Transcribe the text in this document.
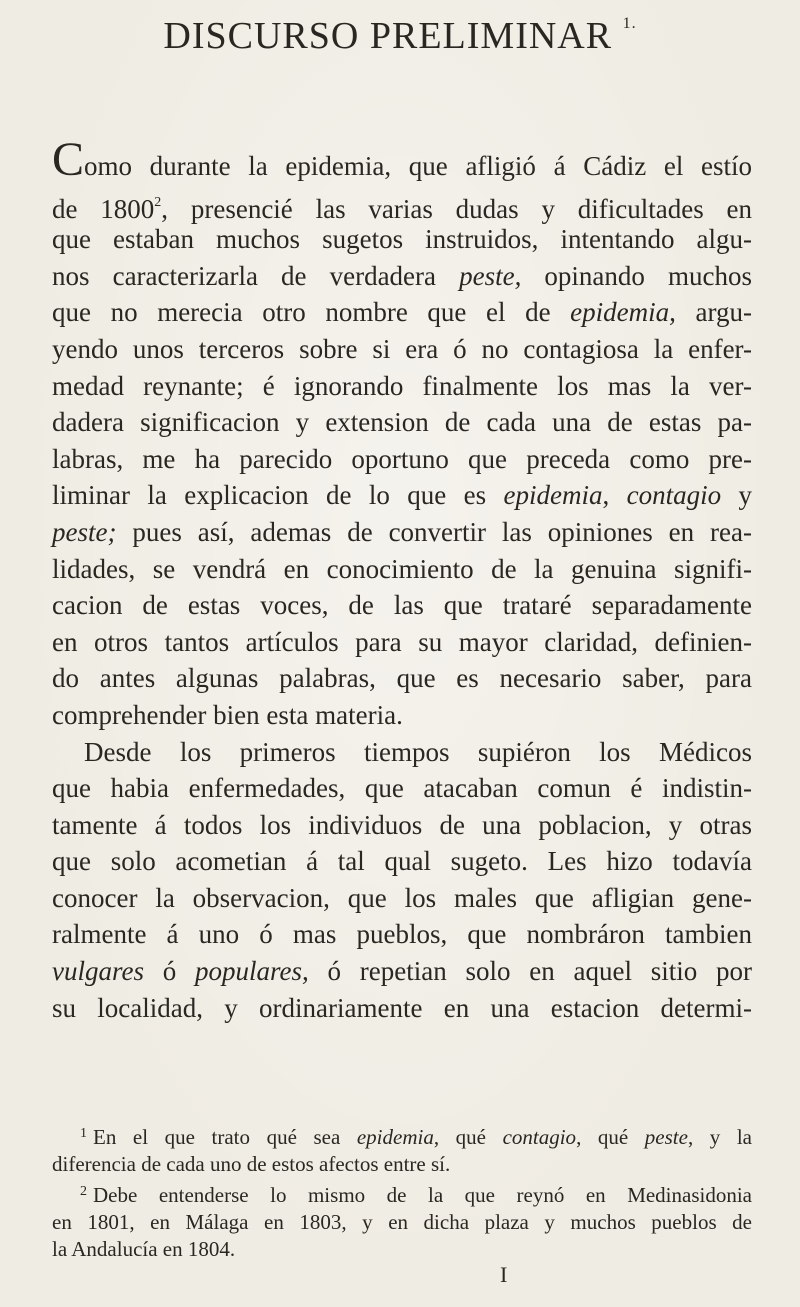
DISCURSO PRELIMINAR $^{1.}$
Como durante la epidemia, que afligió á Cádiz el estío
de 1800$^2$, presencié las varias dudas y dificultades en
que estaban muchos sugetos instruidos, intentando algu-
nos caracterizarla de verdadera peste, opinando muchos
que no merecia otro nombre que el de epidemia, argu-
yendo unos terceros sobre si era ó no contagiosa la enfer-
medad reynante; é ignorando finalmente los mas la ver-
dadera significacion y extension de cada una de estas pa-
labras, me ha parecido oportuno que preceda como pre-
liminar la explicacion de lo que es epidemia, contagio y
peste; pues así, ademas de convertir las opiniones en rea-
lidades, se vendrá en conocimiento de la genuina signifi-
cacion de estas voces, de las que trataré separadamente
en otros tantos artículos para su mayor claridad, definien-
do antes algunas palabras, que es necesario saber, para
comprehender bien esta materia.
Desde los primeros tiempos supiéron los Médicos
que habia enfermedades, que atacaban comun é indistin-
tamente á todos los individuos de una poblacion, y otras
que solo acometian á tal qual sugeto. Les hizo todavía
conocer la observacion, que los males que afligian gene-
ralmente á uno ó mas pueblos, que nombráron tambien
vulgares ó populares, ó repetian solo en aquel sitio por
su localidad, y ordinariamente en una estacion determi-
$^1$ En el que trato qué sea epidemia, qué contagio, qué peste, y la
diferencia de cada uno de estos afectos entre sí.
$^2$ Debe entenderse lo mismo de la que reynó en Medinasidonia
en 1801, en Málaga en 1803, y en dicha plaza y muchos pueblos de
la Andalucía en 1804.
I
